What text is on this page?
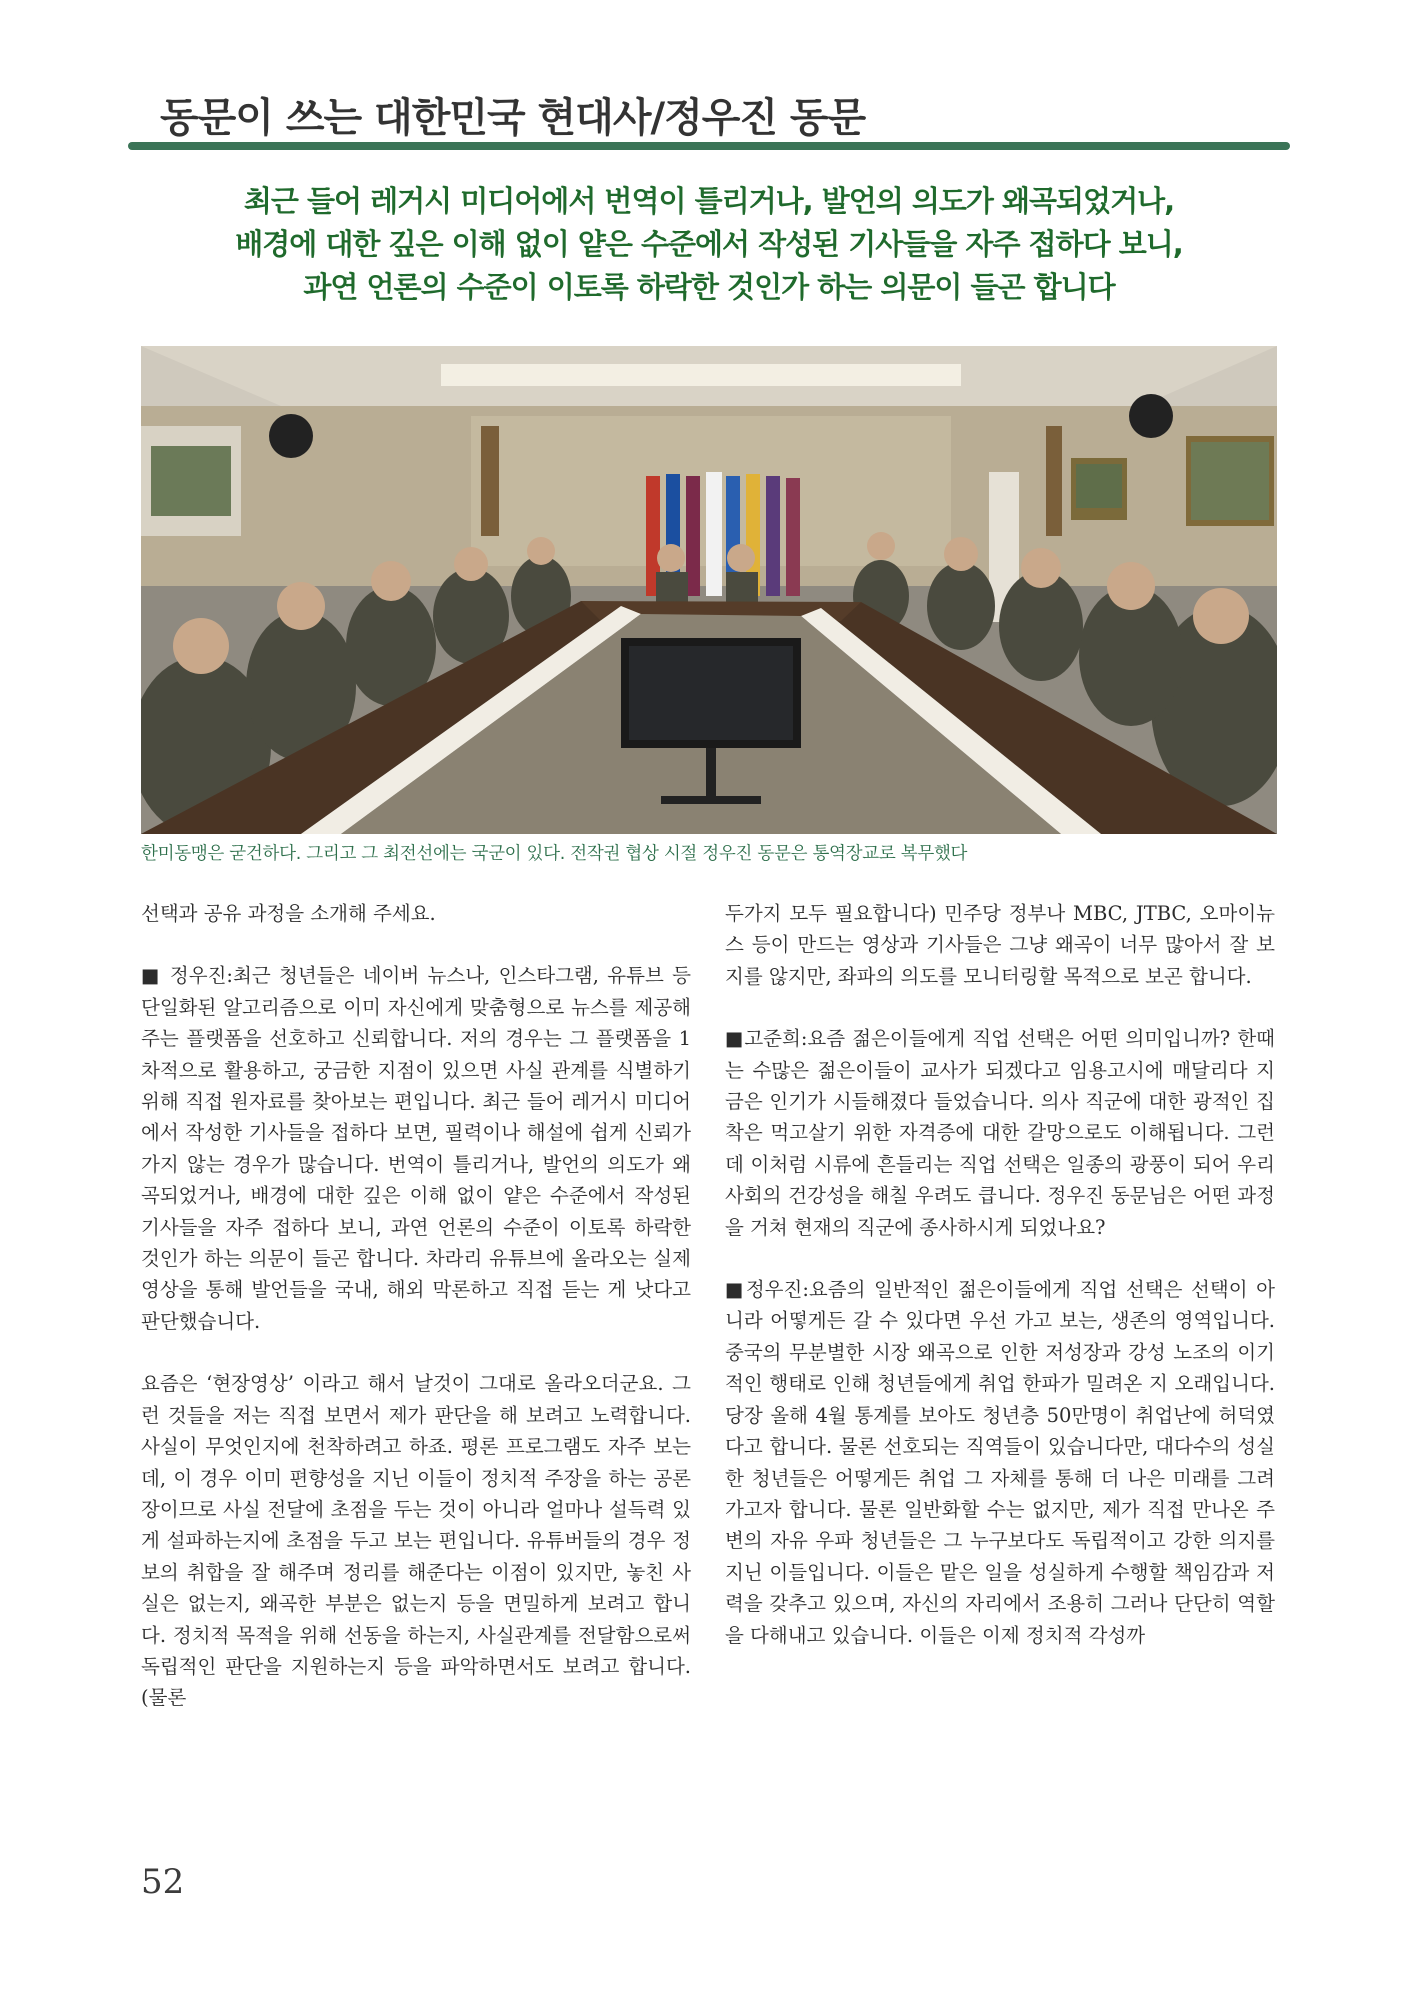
동문이 쓰는 대한민국 현대사/정우진 동문
최근 들어 레거시 미디어에서 번역이 틀리거나, 발언의 의도가 왜곡되었거나,
배경에 대한 깊은 이해 없이 얕은 수준에서 작성된 기사들을 자주 접하다 보니,
과연 언론의 수준이 이토록 하락한 것인가 하는 의문이 들곤 합니다
한미동맹은 굳건하다. 그리고 그 최전선에는 국군이 있다. 전작권 협상 시절 정우진 동문은 통역장교로 복무했다

선택과 공유 과정을 소개해 주세요.

■ 정우진:최근 청년들은 네이버 뉴스나, 인스타그램, 유튜브 등 단일화된 알고리즘으로 이미 자신에게 맞춤형으로 뉴스를 제공해주는 플랫폼을 선호하고 신뢰합니다. 저의 경우는 그 플랫폼을 1차적으로 활용하고, 궁금한 지점이 있으면 사실 관계를 식별하기 위해 직접 원자료를 찾아보는 편입니다. 최근 들어 레거시 미디어에서 작성한 기사들을 접하다 보면, 필력이나 해설에 쉽게 신뢰가 가지 않는 경우가 많습니다. 번역이 틀리거나, 발언의 의도가 왜곡되었거나, 배경에 대한 깊은 이해 없이 얕은 수준에서 작성된 기사들을 자주 접하다 보니, 과연 언론의 수준이 이토록 하락한 것인가 하는 의문이 들곤 합니다. 차라리 유튜브에 올라오는 실제 영상을 통해 발언들을 국내, 해외 막론하고 직접 듣는 게 낫다고 판단했습니다.

요즘은 ‘현장영상’ 이라고 해서 날것이 그대로 올라오더군요. 그런 것들을 저는 직접 보면서 제가 판단을 해 보려고 노력합니다. 사실이 무엇인지에 천착하려고 하죠. 평론 프로그램도 자주 보는데, 이 경우 이미 편향성을 지닌 이들이 정치적 주장을 하는 공론장이므로 사실 전달에 초점을 두는 것이 아니라 얼마나 설득력 있게 설파하는지에 초점을 두고 보는 편입니다. 유튜버들의 경우 정보의 취합을 잘 해주며 정리를 해준다는 이점이 있지만, 놓친 사실은 없는지, 왜곡한 부분은 없는지 등을 면밀하게 보려고 합니다. 정치적 목적을 위해 선동을 하는지, 사실관계를 전달함으로써 독립적인 판단을 지원하는지 등을 파악하면서도 보려고 합니다. (물론

두가지 모두 필요합니다) 민주당 정부나 MBC, JTBC, 오마이뉴스 등이 만드는 영상과 기사들은 그냥 왜곡이 너무 많아서 잘 보지를 않지만, 좌파의 의도를 모니터링할 목적으로 보곤 합니다.

■고준희:요즘 젊은이들에게 직업 선택은 어떤 의미입니까? 한때는 수많은 젊은이들이 교사가 되겠다고 임용고시에 매달리다 지금은 인기가 시들해졌다 들었습니다. 의사 직군에 대한 광적인 집착은 먹고살기 위한 자격증에 대한 갈망으로도 이해됩니다. 그런데 이처럼 시류에 흔들리는 직업 선택은 일종의 광풍이 되어 우리 사회의 건강성을 해칠 우려도 큽니다. 정우진 동문님은 어떤 과정을 거쳐 현재의 직군에 종사하시게 되었나요?

■정우진:요즘의 일반적인 젊은이들에게 직업 선택은 선택이 아니라 어떻게든 갈 수 있다면 우선 가고 보는, 생존의 영역입니다. 중국의 무분별한 시장 왜곡으로 인한 저성장과 강성 노조의 이기적인 행태로 인해 청년들에게 취업 한파가 밀려온 지 오래입니다. 당장 올해 4월 통계를 보아도 청년층 50만명이 취업난에 허덕였다고 합니다. 물론 선호되는 직역들이 있습니다만, 대다수의 성실한 청년들은 어떻게든 취업 그 자체를 통해 더 나은 미래를 그려가고자 합니다. 물론 일반화할 수는 없지만, 제가 직접 만나온 주변의 자유 우파 청년들은 그 누구보다도 독립적이고 강한 의지를 지닌 이들입니다. 이들은 맡은 일을 성실하게 수행할 책임감과 저력을 갖추고 있으며, 자신의 자리에서 조용히 그러나 단단히 역할을 다해내고 있습니다. 이들은 이제 정치적 각성까

52
